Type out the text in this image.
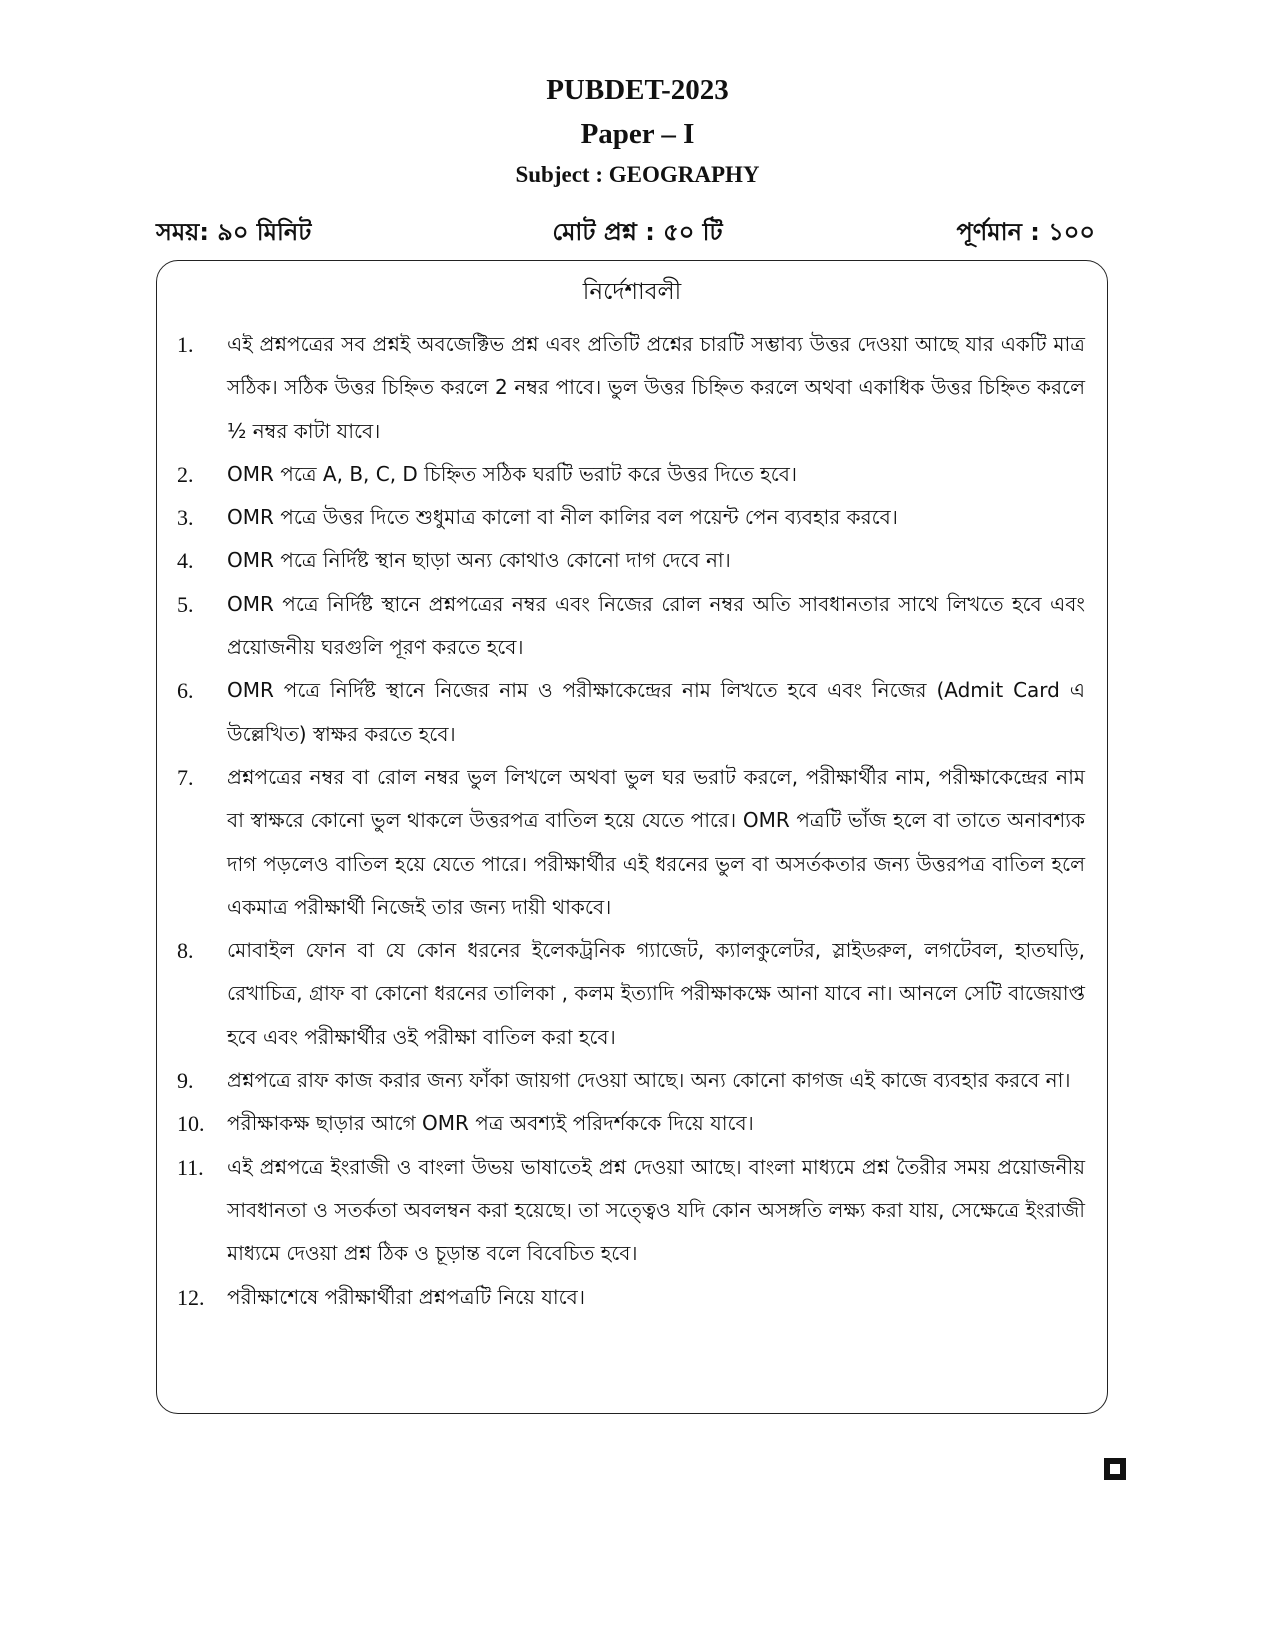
PUBDET-2023
Paper – I
Subject : GEOGRAPHY
সময়: ৯০ মিনিট	মোট প্রশ্ন : ৫০ টি	পূর্ণমান : ১০০
নির্দেশাবলী
1.	এই প্রশ্নপত্রের সব প্রশ্নই অবজেক্টিভ প্রশ্ন এবং প্রতিটি প্রশ্নের চারটি সম্ভাব্য উত্তর দেওয়া আছে যার একটি মাত্র সঠিক। সঠিক উত্তর চিহ্নিত করলে 2 নম্বর পাবে। ভুল উত্তর চিহ্নিত করলে অথবা একাধিক উত্তর চিহ্নিত করলে ½ নম্বর কাটা যাবে।
2.	OMR পত্রে A, B, C, D চিহ্নিত সঠিক ঘরটি ভরাট করে উত্তর দিতে হবে।
3.	OMR পত্রে উত্তর দিতে শুধুমাত্র কালো বা নীল কালির বল পয়েন্ট পেন ব্যবহার করবে।
4.	OMR পত্রে নির্দিষ্ট স্থান ছাড়া অন্য কোথাও কোনো দাগ দেবে না।
5.	OMR পত্রে নির্দিষ্ট স্থানে প্রশ্নপত্রের নম্বর এবং নিজের রোল নম্বর অতি সাবধানতার সাথে লিখতে হবে এবং প্রয়োজনীয় ঘরগুলি পূরণ করতে হবে।
6.	OMR পত্রে নির্দিষ্ট স্থানে নিজের নাম ও পরীক্ষাকেন্দ্রের নাম লিখতে হবে এবং নিজের (Admit Card এ উল্লেখিত) স্বাক্ষর করতে হবে।
7.	প্রশ্নপত্রের নম্বর বা রোল নম্বর ভুল লিখলে অথবা ভুল ঘর ভরাট করলে, পরীক্ষার্থীর নাম, পরীক্ষাকেন্দ্রের নাম বা স্বাক্ষরে কোনো ভুল থাকলে উত্তরপত্র বাতিল হয়ে যেতে পারে। OMR পত্রটি ভাঁজ হলে বা তাতে অনাবশ্যক দাগ পড়লেও বাতিল হয়ে যেতে পারে। পরীক্ষার্থীর এই ধরনের ভুল বা অসর্তকতার জন্য উত্তরপত্র বাতিল হলে একমাত্র পরীক্ষার্থী নিজেই তার জন্য দায়ী থাকবে।
8.	মোবাইল ফোন বা যে কোন ধরনের ইলেকট্রনিক গ্যাজেট, ক্যালকুলেটর, স্লাইডরুল, লগটেবল, হাতঘড়ি, রেখাচিত্র, গ্রাফ বা কোনো ধরনের তালিকা , কলম ইত্যাদি পরীক্ষাকক্ষে আনা যাবে না। আনলে সেটি বাজেয়াপ্ত হবে এবং পরীক্ষার্থীর ওই পরীক্ষা বাতিল করা হবে।
9.	প্রশ্নপত্রে রাফ কাজ করার জন্য ফাঁকা জায়গা দেওয়া আছে। অন্য কোনো কাগজ এই কাজে ব্যবহার করবে না।
10.	পরীক্ষাকক্ষ ছাড়ার আগে OMR পত্র অবশ্যই পরিদর্শককে দিয়ে যাবে।
11.	এই প্রশ্নপত্রে ইংরাজী ও বাংলা উভয় ভাষাতেই প্রশ্ন দেওয়া আছে। বাংলা মাধ্যমে প্রশ্ন তৈরীর সময় প্রয়োজনীয় সাবধানতা ও সতর্কতা অবলম্বন করা হয়েছে। তা সত্ত্বেও যদি কোন অসঙ্গতি লক্ষ্য করা যায়, সেক্ষেত্রে ইংরাজী মাধ্যমে দেওয়া প্রশ্ন ঠিক ও চূড়ান্ত বলে বিবেচিত হবে।
12.	পরীক্ষাশেষে পরীক্ষার্থীরা প্রশ্নপত্রটি নিয়ে যাবে।
